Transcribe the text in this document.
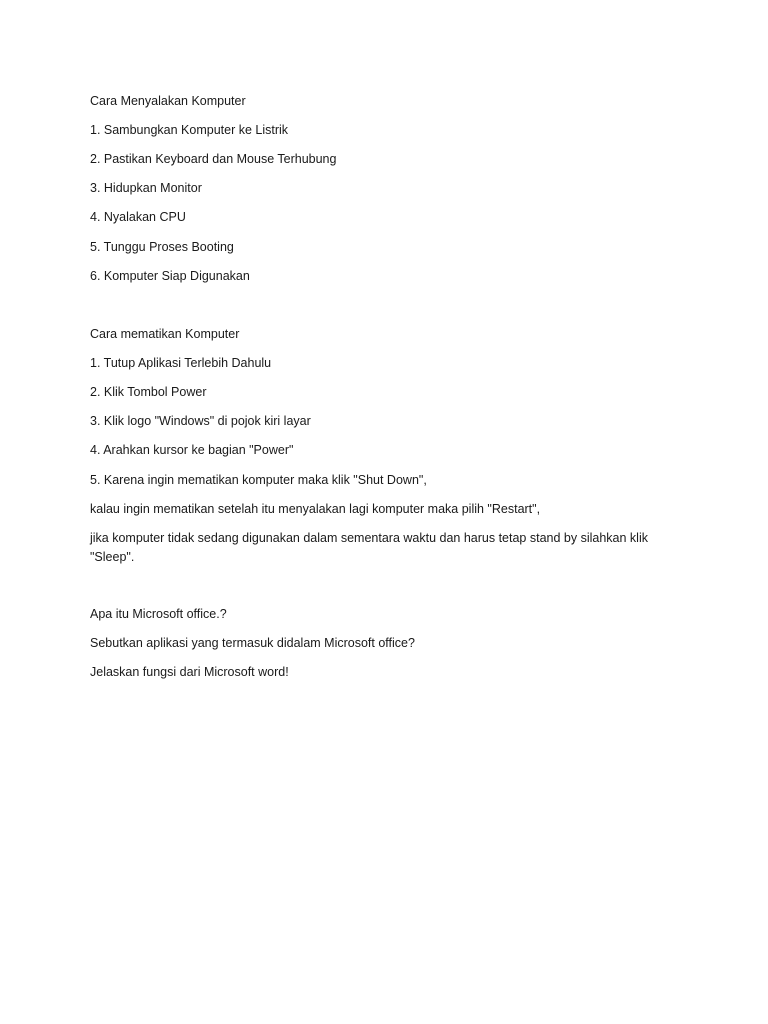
Cara Menyalakan Komputer
1. Sambungkan Komputer ke Listrik
2. Pastikan Keyboard dan Mouse Terhubung
3. Hidupkan Monitor
4. Nyalakan CPU
5. Tunggu Proses Booting
6. Komputer Siap Digunakan
Cara mematikan Komputer
1. Tutup Aplikasi Terlebih Dahulu
2. Klik Tombol Power
3. Klik logo "Windows" di pojok kiri layar
4. Arahkan kursor ke bagian "Power"
5. Karena ingin mematikan komputer maka klik "Shut Down",
kalau ingin mematikan setelah itu menyalakan lagi komputer maka pilih "Restart",
jika komputer tidak sedang digunakan dalam sementara waktu dan harus tetap stand by silahkan klik "Sleep".
Apa itu Microsoft office.?
Sebutkan aplikasi yang termasuk didalam Microsoft office?
Jelaskan fungsi dari Microsoft word!
